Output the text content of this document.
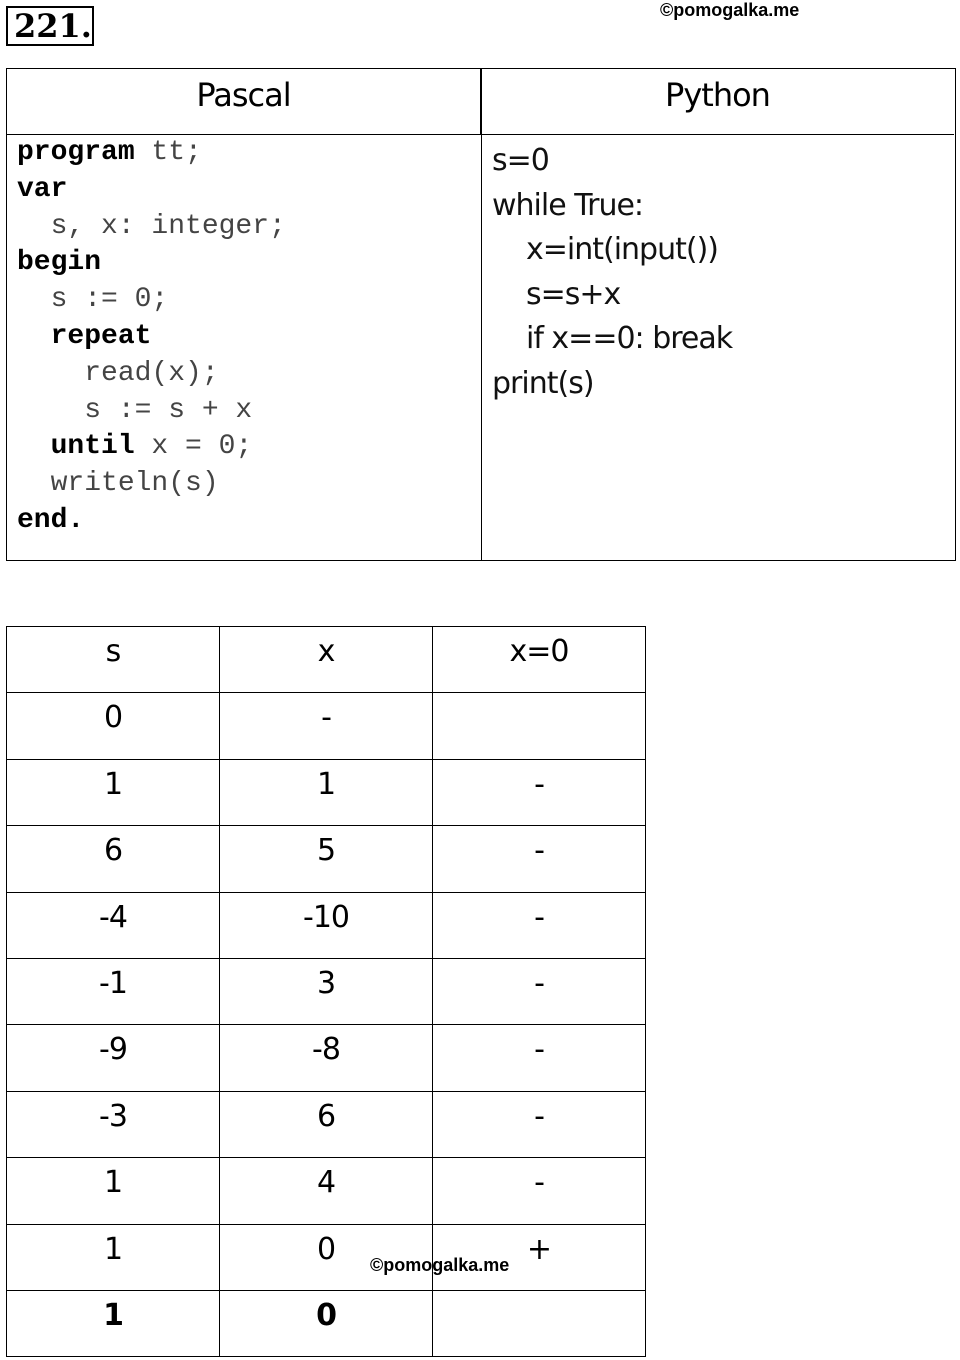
221.	©pomogalka.me
Pascal	Python
program tt;
var
s, x: integer;
begin
s := 0;
repeat
read(x);
s := s + x
until x = 0;
writeln(s)
end.
s=0
while True:
x=int(input())
s=s+x
if x==0: break
print(s)
s	x	x=0
0	-	
1	1	-
6	5	-
-4	-10	-
-1	3	-
-9	-8	-
-3	6	-
1	4	-
1	0	+
1	0	
©pomogalka.me
